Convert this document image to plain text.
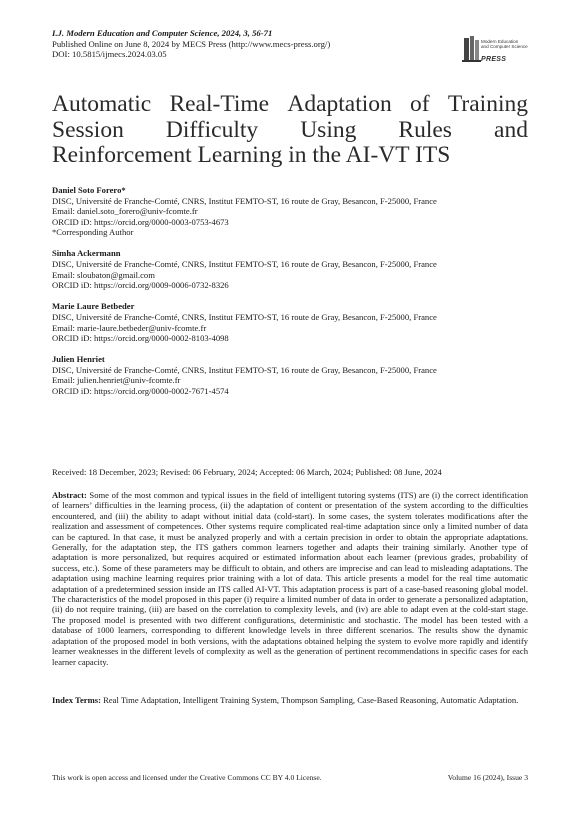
I.J. Modern Education and Computer Science, 2024, 3, 56-71
Published Online on June 8, 2024 by MECS Press (http://www.mecs-press.org/)
DOI: 10.5815/ijmecs.2024.03.05
Modern Education
and Computer Science
PRESS
Automatic Real-Time Adaptation of Training
Session Difficulty Using Rules and
Reinforcement Learning in the AI-VT ITS
Daniel Soto Forero*
DISC, Université de Franche-Comté, CNRS, Institut FEMTO-ST, 16 route de Gray, Besancon, F-25000, France
Email: daniel.soto_forero@univ-fcomte.fr
ORCID iD: https://orcid.org/0000-0003-0753-4673
*Corresponding Author
Simha Ackermann
DISC, Université de Franche-Comté, CNRS, Institut FEMTO-ST, 16 route de Gray, Besancon, F-25000, France
Email: sloubaton@gmail.com
ORCID iD: https://orcid.org/0009-0006-0732-8326
Marie Laure Betbeder
DISC, Université de Franche-Comté, CNRS, Institut FEMTO-ST, 16 route de Gray, Besancon, F-25000, France
Email: marie-laure.betbeder@univ-fcomte.fr
ORCID iD: https://orcid.org/0000-0002-8103-4098
Julien Henriet
DISC, Université de Franche-Comté, CNRS, Institut FEMTO-ST, 16 route de Gray, Besancon, F-25000, France
Email: julien.henriet@univ-fcomte.fr
ORCID iD: https://orcid.org/0000-0002-7671-4574
Received: 18 December, 2023; Revised: 06 February, 2024; Accepted: 06 March, 2024; Published: 08 June, 2024
Abstract: Some of the most common and typical issues in the field of intelligent tutoring systems (ITS) are (i) the correct identification of learners’ difficulties in the learning process, (ii) the adaptation of content or presentation of the system according to the difficulties encountered, and (iii) the ability to adapt without initial data (cold-start). In some cases, the system tolerates modifications after the realization and assessment of competences. Other systems require complicated real-time adaptation since only a limited number of data can be captured. In that case, it must be analyzed properly and with a certain precision in order to obtain the appropriate adaptations. Generally, for the adaptation step, the ITS gathers common learners together and adapts their training similarly. Another type of adaptation is more personalized, but requires acquired or estimated information about each learner (previous grades, probability of success, etc.). Some of these parameters may be difficult to obtain, and others are imprecise and can lead to misleading adaptations. The adaptation using machine learning requires prior training with a lot of data. This article presents a model for the real time automatic adaptation of a predetermined session inside an ITS called AI-VT. This adaptation process is part of a case-based reasoning global model. The characteristics of the model proposed in this paper (i) require a limited number of data in order to generate a personalized adaptation, (ii) do not require training, (iii) are based on the correlation to complexity levels, and (iv) are able to adapt even at the cold-start stage. The proposed model is presented with two different configurations, deterministic and stochastic. The model has been tested with a database of 1000 learners, corresponding to different knowledge levels in three different scenarios. The results show the dynamic adaptation of the proposed model in both versions, with the adaptations obtained helping the system to evolve more rapidly and identify learner weaknesses in the different levels of complexity as well as the generation of pertinent recommendations in specific cases for each learner capacity.
Index Terms: Real Time Adaptation, Intelligent Training System, Thompson Sampling, Case-Based Reasoning, Automatic Adaptation.
This work is open access and licensed under the Creative Commons CC BY 4.0 License.	Volume 16 (2024), Issue 3
